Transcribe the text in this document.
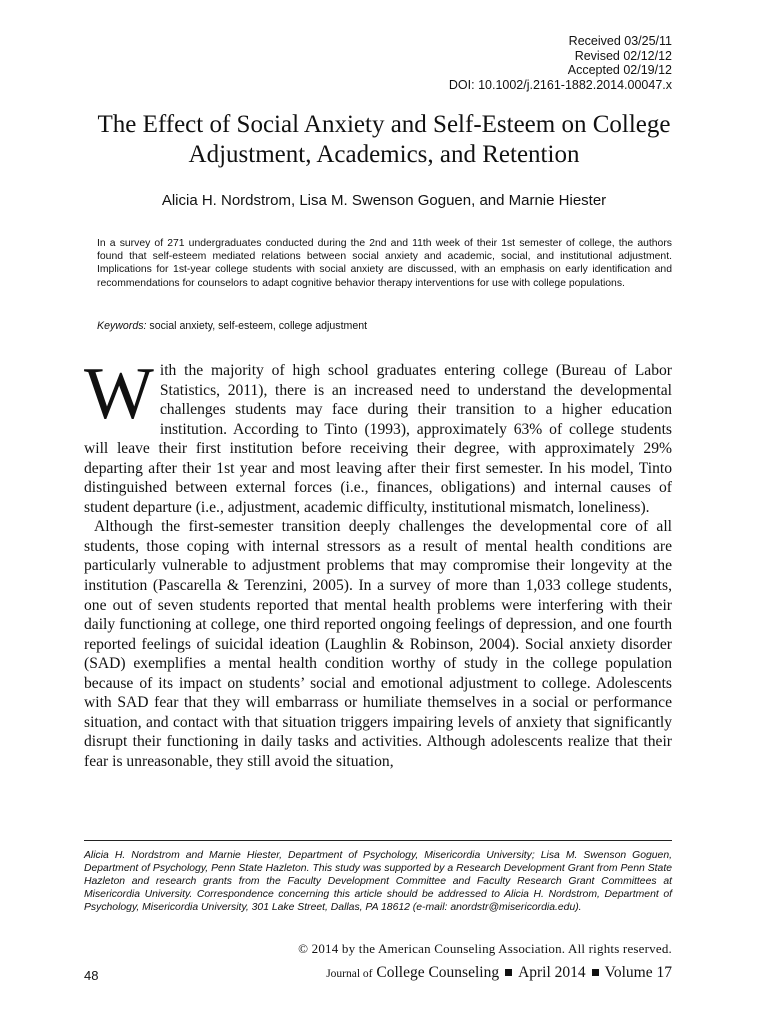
Received 03/25/11
Revised 02/12/12
Accepted 02/19/12
DOI: 10.1002/j.2161-1882.2014.00047.x
The Effect of Social Anxiety and Self-Esteem on College Adjustment, Academics, and Retention
Alicia H. Nordstrom, Lisa M. Swenson Goguen, and Marnie Hiester

In a survey of 271 undergraduates conducted during the 2nd and 11th week of their 1st semester of college, the authors found that self-esteem mediated relations between social anxiety and academic, social, and institutional adjustment. Implications for 1st-year college students with social anxiety are discussed, with an emphasis on early identification and recommendations for counselors to adapt cognitive behavior therapy interventions for use with college populations.

Keywords: social anxiety, self-esteem, college adjustment

With the majority of high school graduates entering college (Bureau of Labor Statistics, 2011), there is an increased need to understand the developmental challenges students may face during their transition to a higher education institution. According to Tinto (1993), approximately 63% of college students will leave their first institution before receiving their degree, with approximately 29% departing after their 1st year and most leaving after their first semester. In his model, Tinto distinguished between external forces (i.e., finances, obligations) and internal causes of student departure (i.e., adjustment, academic difficulty, institutional mismatch, loneliness).

Although the first-semester transition deeply challenges the developmental core of all students, those coping with internal stressors as a result of mental health conditions are particularly vulnerable to adjustment problems that may compromise their longevity at the institution (Pascarella & Terenzini, 2005). In a survey of more than 1,033 college students, one out of seven students reported that mental health problems were interfering with their daily functioning at college, one third reported ongoing feelings of depression, and one fourth reported feelings of suicidal ideation (Laughlin & Robinson, 2004). Social anxiety disorder (SAD) exemplifies a mental health condition worthy of study in the college population because of its impact on students’ social and emotional adjustment to college. Adolescents with SAD fear that they will embarrass or humiliate themselves in a social or performance situation, and contact with that situation triggers impairing levels of anxiety that significantly disrupt their functioning in daily tasks and activities. Although adolescents realize that their fear is unreasonable, they still avoid the situation,

Alicia H. Nordstrom and Marnie Hiester, Department of Psychology, Misericordia University; Lisa M. Swenson Goguen, Department of Psychology, Penn State Hazleton. This study was supported by a Research Development Grant from Penn State Hazleton and research grants from the Faculty Development Committee and Faculty Research Grant Committees at Misericordia University. Correspondence concerning this article should be addressed to Alicia H. Nordstrom, Department of Psychology, Misericordia University, 301 Lake Street, Dallas, PA 18612 (e-mail: anordstr@misericordia.edu).

© 2014 by the American Counseling Association. All rights reserved.
48	Journal of College Counseling April 2014 Volume 17
